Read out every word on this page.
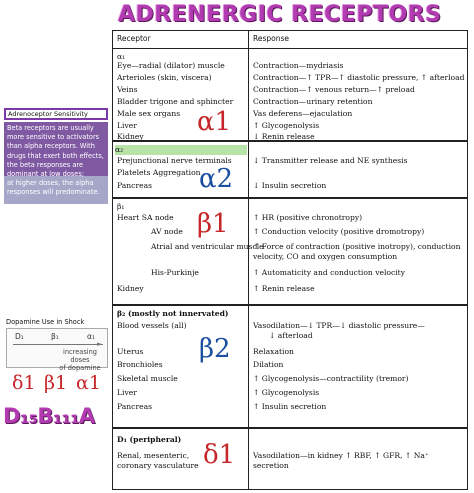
ADRENERGIC RECEPTORS
Adrenoceptor Sensitivity
Beta receptors are usually
more sensitive to activators
than alpha receptors. With
drugs that exert both effects,
the beta responses are
dominant at low doses;
at higher doses, the alpha
responses will predominate.
Dopamine Use in Shock
D₁	β₁	α₁
►
increasing doses
of dopamine
δ1 β1 α1
D₁₅B₁₁₁A
Receptor	Response
α₁
Eye—radial (dilator) muscle	Contraction—mydriasis
Arterioles (skin, viscera)	Contraction—↑ TPR—↑ diastolic pressure, ↑ afterload
Veins	Contraction—↑ venous return—↑ preload
Bladder trigone and sphincter	Contraction—urinary retention
Male sex organs	Vas deferens—ejaculation
Liver	↑ Glycogenolysis
Kidney	↓ Renin release
α1
α₂
Prejunctional nerve terminals	↓ Transmitter release and NE synthesis
Platelets Aggregation
Pancreas	↓ Insulin secretion
α2
β₁
Heart SA node	↑ HR (positive chronotropy)
AV node	↑ Conduction velocity (positive dromotropy)
Atrial and ventricular muscle
↑ Force of contraction (positive inotropy), conduction
velocity, CO and oxygen consumption
His-Purkinje	↑ Automaticity and conduction velocity
Kidney	↑ Renin release
β1
β₂ (mostly not innervated)
Blood vessels (all)	Vasodilation—↓ TPR—↓ diastolic pressure—
↓ afterload
Uterus	Relaxation
Bronchioles	Dilation
Skeletal muscle	↑ Glycogenolysis—contractility (tremor)
Liver	↑ Glycogenolysis
Pancreas	↑ Insulin secretion
β2
D₁ (peripheral)
Renal, mesenteric,	Vasodilation—in kidney ↑ RBF, ↑ GFR, ↑ Na⁺
coronary vasculature	secretion
δ1
